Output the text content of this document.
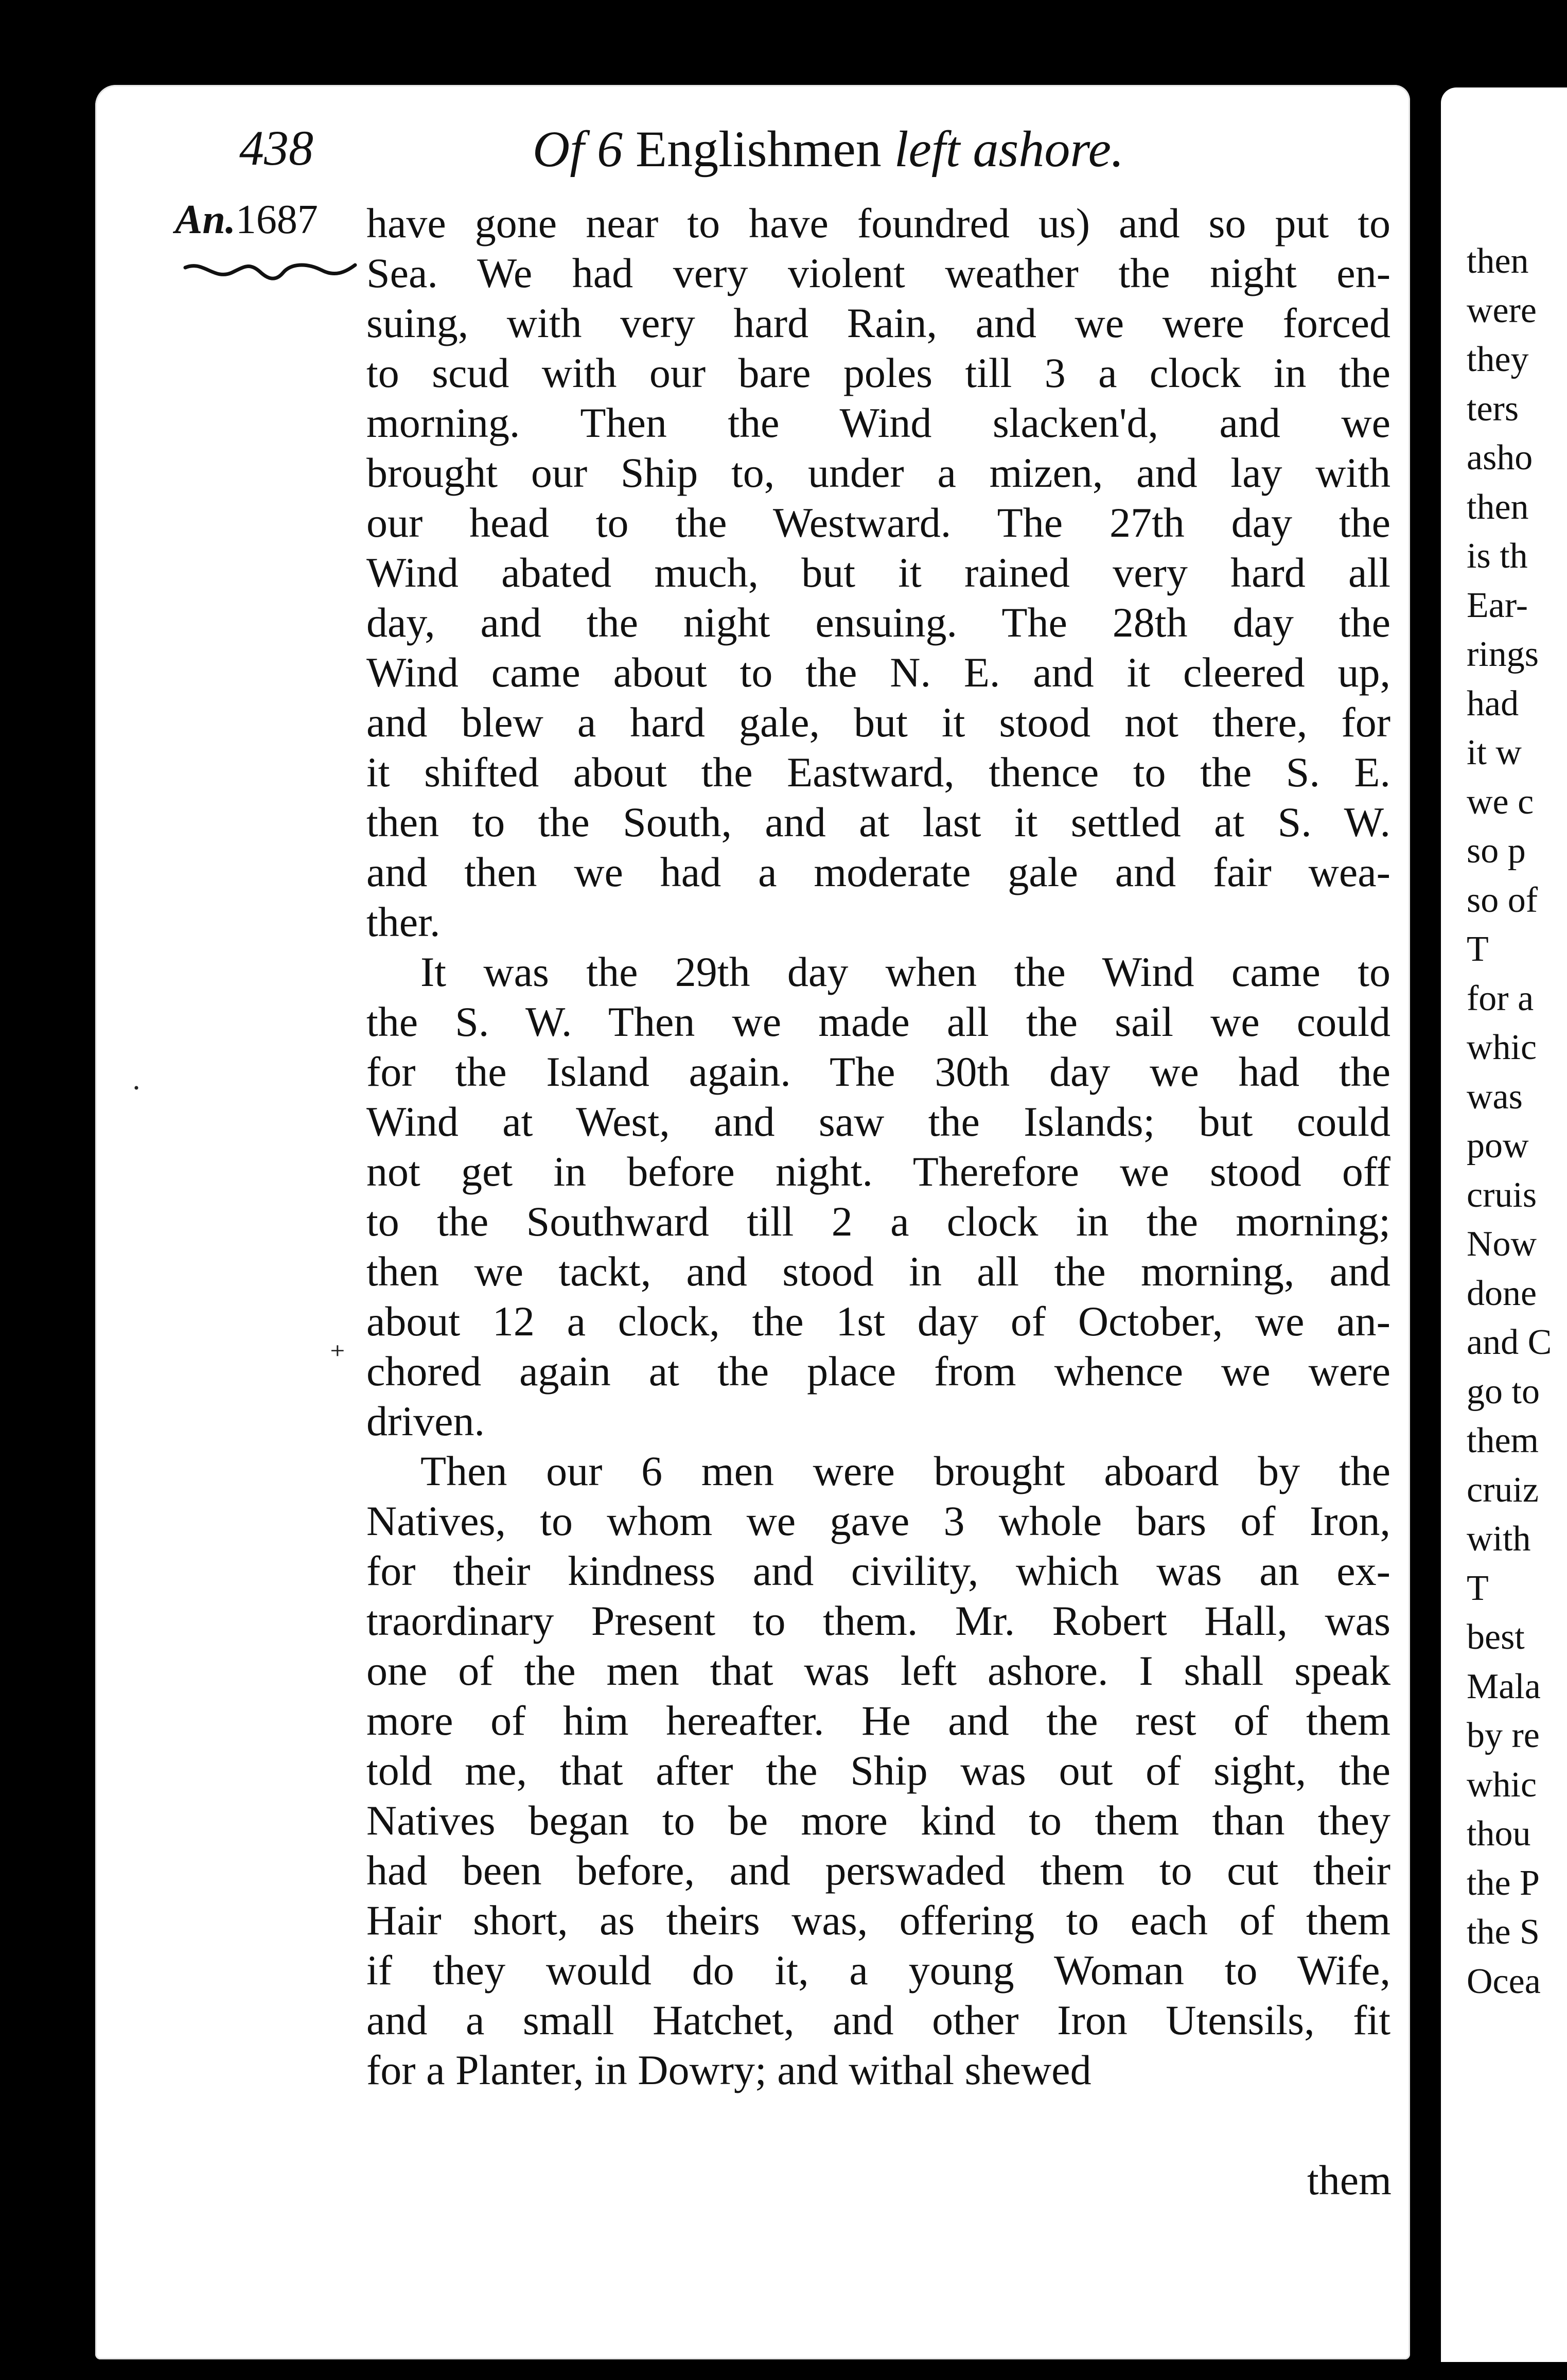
then
were
they
ters
asho
then
is th
Ear-
rings
had
it w
we c
so p
so of
T
for a
whic
was
pow
cruis
Now
done
and C
go to
them
cruiz
with
T
best
Mala
by re
whic
thou
the P
the S
Ocea
438	Of 6 Englishmen left ashore.
An.1687 have gone near to have foundred us) and so put to
Sea. We had very violent weather the night en-
suing, with very hard Rain, and we were forced
to scud with our bare poles till 3 a clock in the
morning. Then the Wind slacken'd, and we
brought our Ship to, under a mizen, and lay with
our head to the Westward. The 27th day the
Wind abated much, but it rained very hard all
day, and the night ensuing. The 28th day the
Wind came about to the N. E. and it cleered up,
and blew a hard gale, but it stood not there, for
it shifted about the Eastward, thence to the S. E.
then to the South, and at last it settled at S. W.
and then we had a moderate gale and fair wea-
ther.
It was the 29th day when the Wind came to
the S. W. Then we made all the sail we could
for the Island again. The 30th day we had the
Wind at West, and saw the Islands; but could
not get in before night. Therefore we stood off
to the Southward till 2 a clock in the morning;
then we tackt, and stood in all the morning, and
about 12 a clock, the 1st day of October, we an-
chored again at the place from whence we were
driven.
Then our 6 men were brought aboard by the
Natives, to whom we gave 3 whole bars of Iron,
for their kindness and civility, which was an ex-
traordinary Present to them. Mr. Robert Hall, was
one of the men that was left ashore. I shall speak
more of him hereafter. He and the rest of them
told me, that after the Ship was out of sight, the
Natives began to be more kind to them than they
had been before, and perswaded them to cut their
Hair short, as theirs was, offering to each of them
if they would do it, a young Woman to Wife,
and a small Hatchet, and other Iron Utensils, fit
for a Planter, in Dowry; and withal shewed
them
·
⁺
